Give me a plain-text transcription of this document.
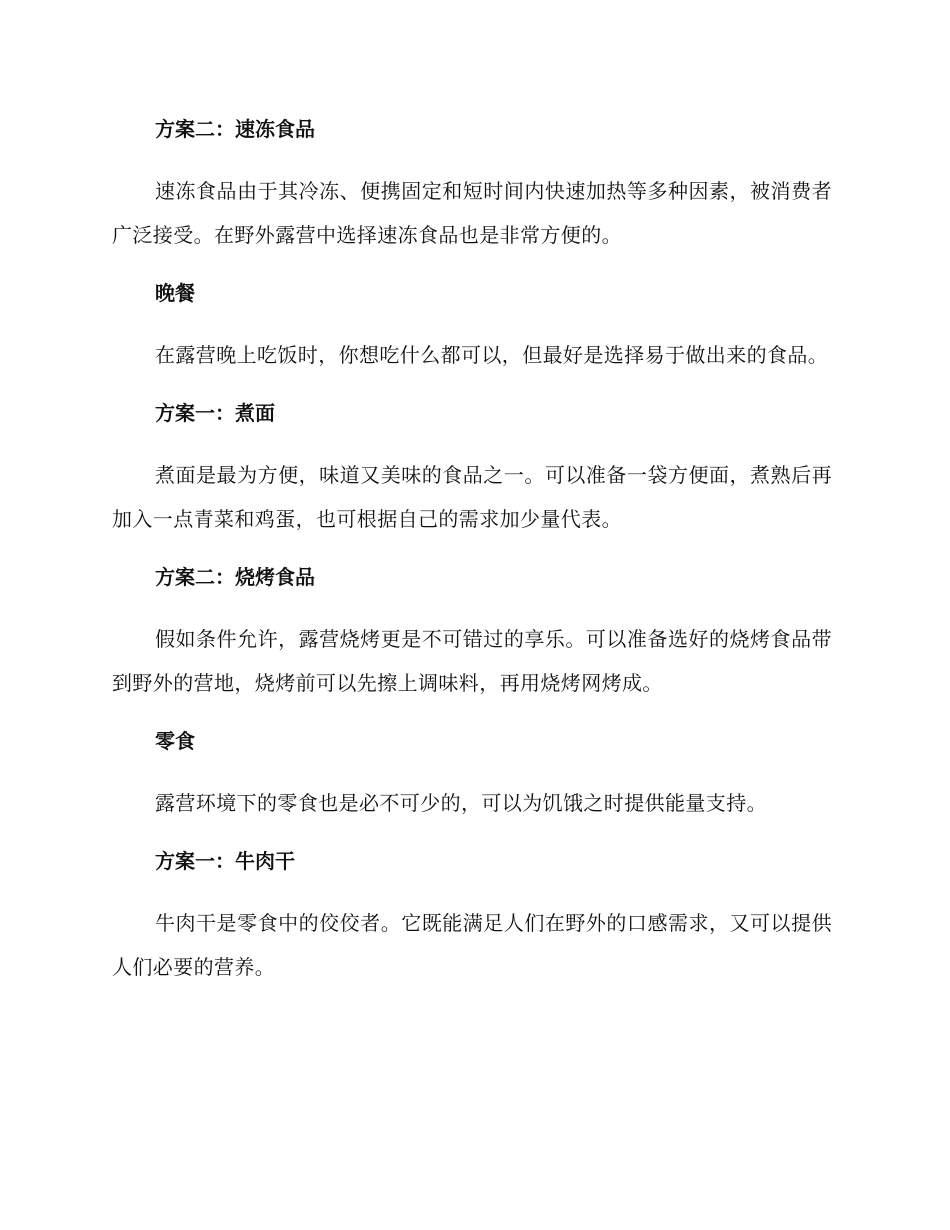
方案二：速冻食品
速冻食品由于其冷冻、便携固定和短时间内快速加热等多种因素，被消费者广泛接受。在野外露营中选择速冻食品也是非常方便的。
晚餐
在露营晚上吃饭时，你想吃什么都可以，但最好是选择易于做出来的食品。
方案一：煮面
煮面是最为方便，味道又美味的食品之一。可以准备一袋方便面，煮熟后再加入一点青菜和鸡蛋，也可根据自己的需求加少量代表。
方案二：烧烤食品
假如条件允许，露营烧烤更是不可错过的享乐。可以准备选好的烧烤食品带到野外的营地，烧烤前可以先擦上调味料，再用烧烤网烤成。
零食
露营环境下的零食也是必不可少的，可以为饥饿之时提供能量支持。
方案一：牛肉干
牛肉干是零食中的佼佼者。它既能满足人们在野外的口感需求，又可以提供人们必要的营养。
